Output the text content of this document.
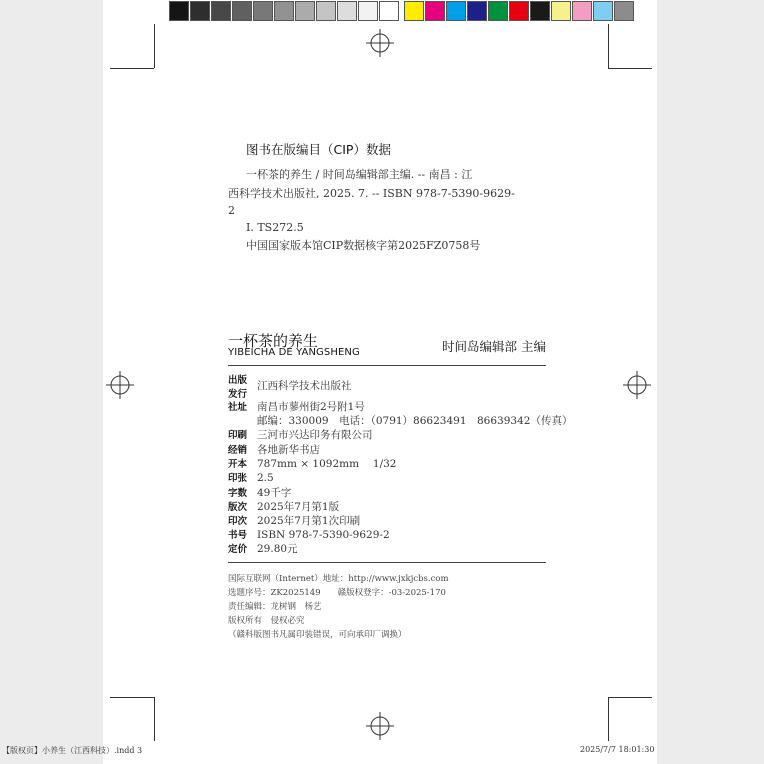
图书在版编目（CIP）数据
一杯茶的养生 / 时间岛编辑部主编. -- 南昌 : 江
西科学技术出版社, 2025. 7. -- ISBN 978-7-5390-9629-
2
Ⅰ. TS272.5
中国国家版本馆CIP数据核字第2025FZ0758号
一杯茶的养生
YIBEICHA DE YANGSHENG	时间岛编辑部 主编
出版
发行
江西科学技术出版社
社址 南昌市蓼州街2号附1号
邮编：330009　电话：（0791）86623491　86639342（传真）
印刷 三河市兴达印务有限公司
经销 各地新华书店
开本 787mm × 1092mm　 1/32
印张 2.5
字数 49千字
版次 2025年7月第1版
印次 2025年7月第1次印刷
书号 ISBN 978-7-5390-9629-2
定价 29.80元
国际互联网（Internet）地址：http://www.jxkjcbs.com
选题序号：ZK2025149　　赣版权登字：-03-2025-170
责任编辑：龙树钢　杨艺
版权所有　侵权必究
（赣科版图书凡属印装错误，可向承印厂调换）
【版权页】小养生（江西科技）.indd 3	2025/7/7 18:01:30
